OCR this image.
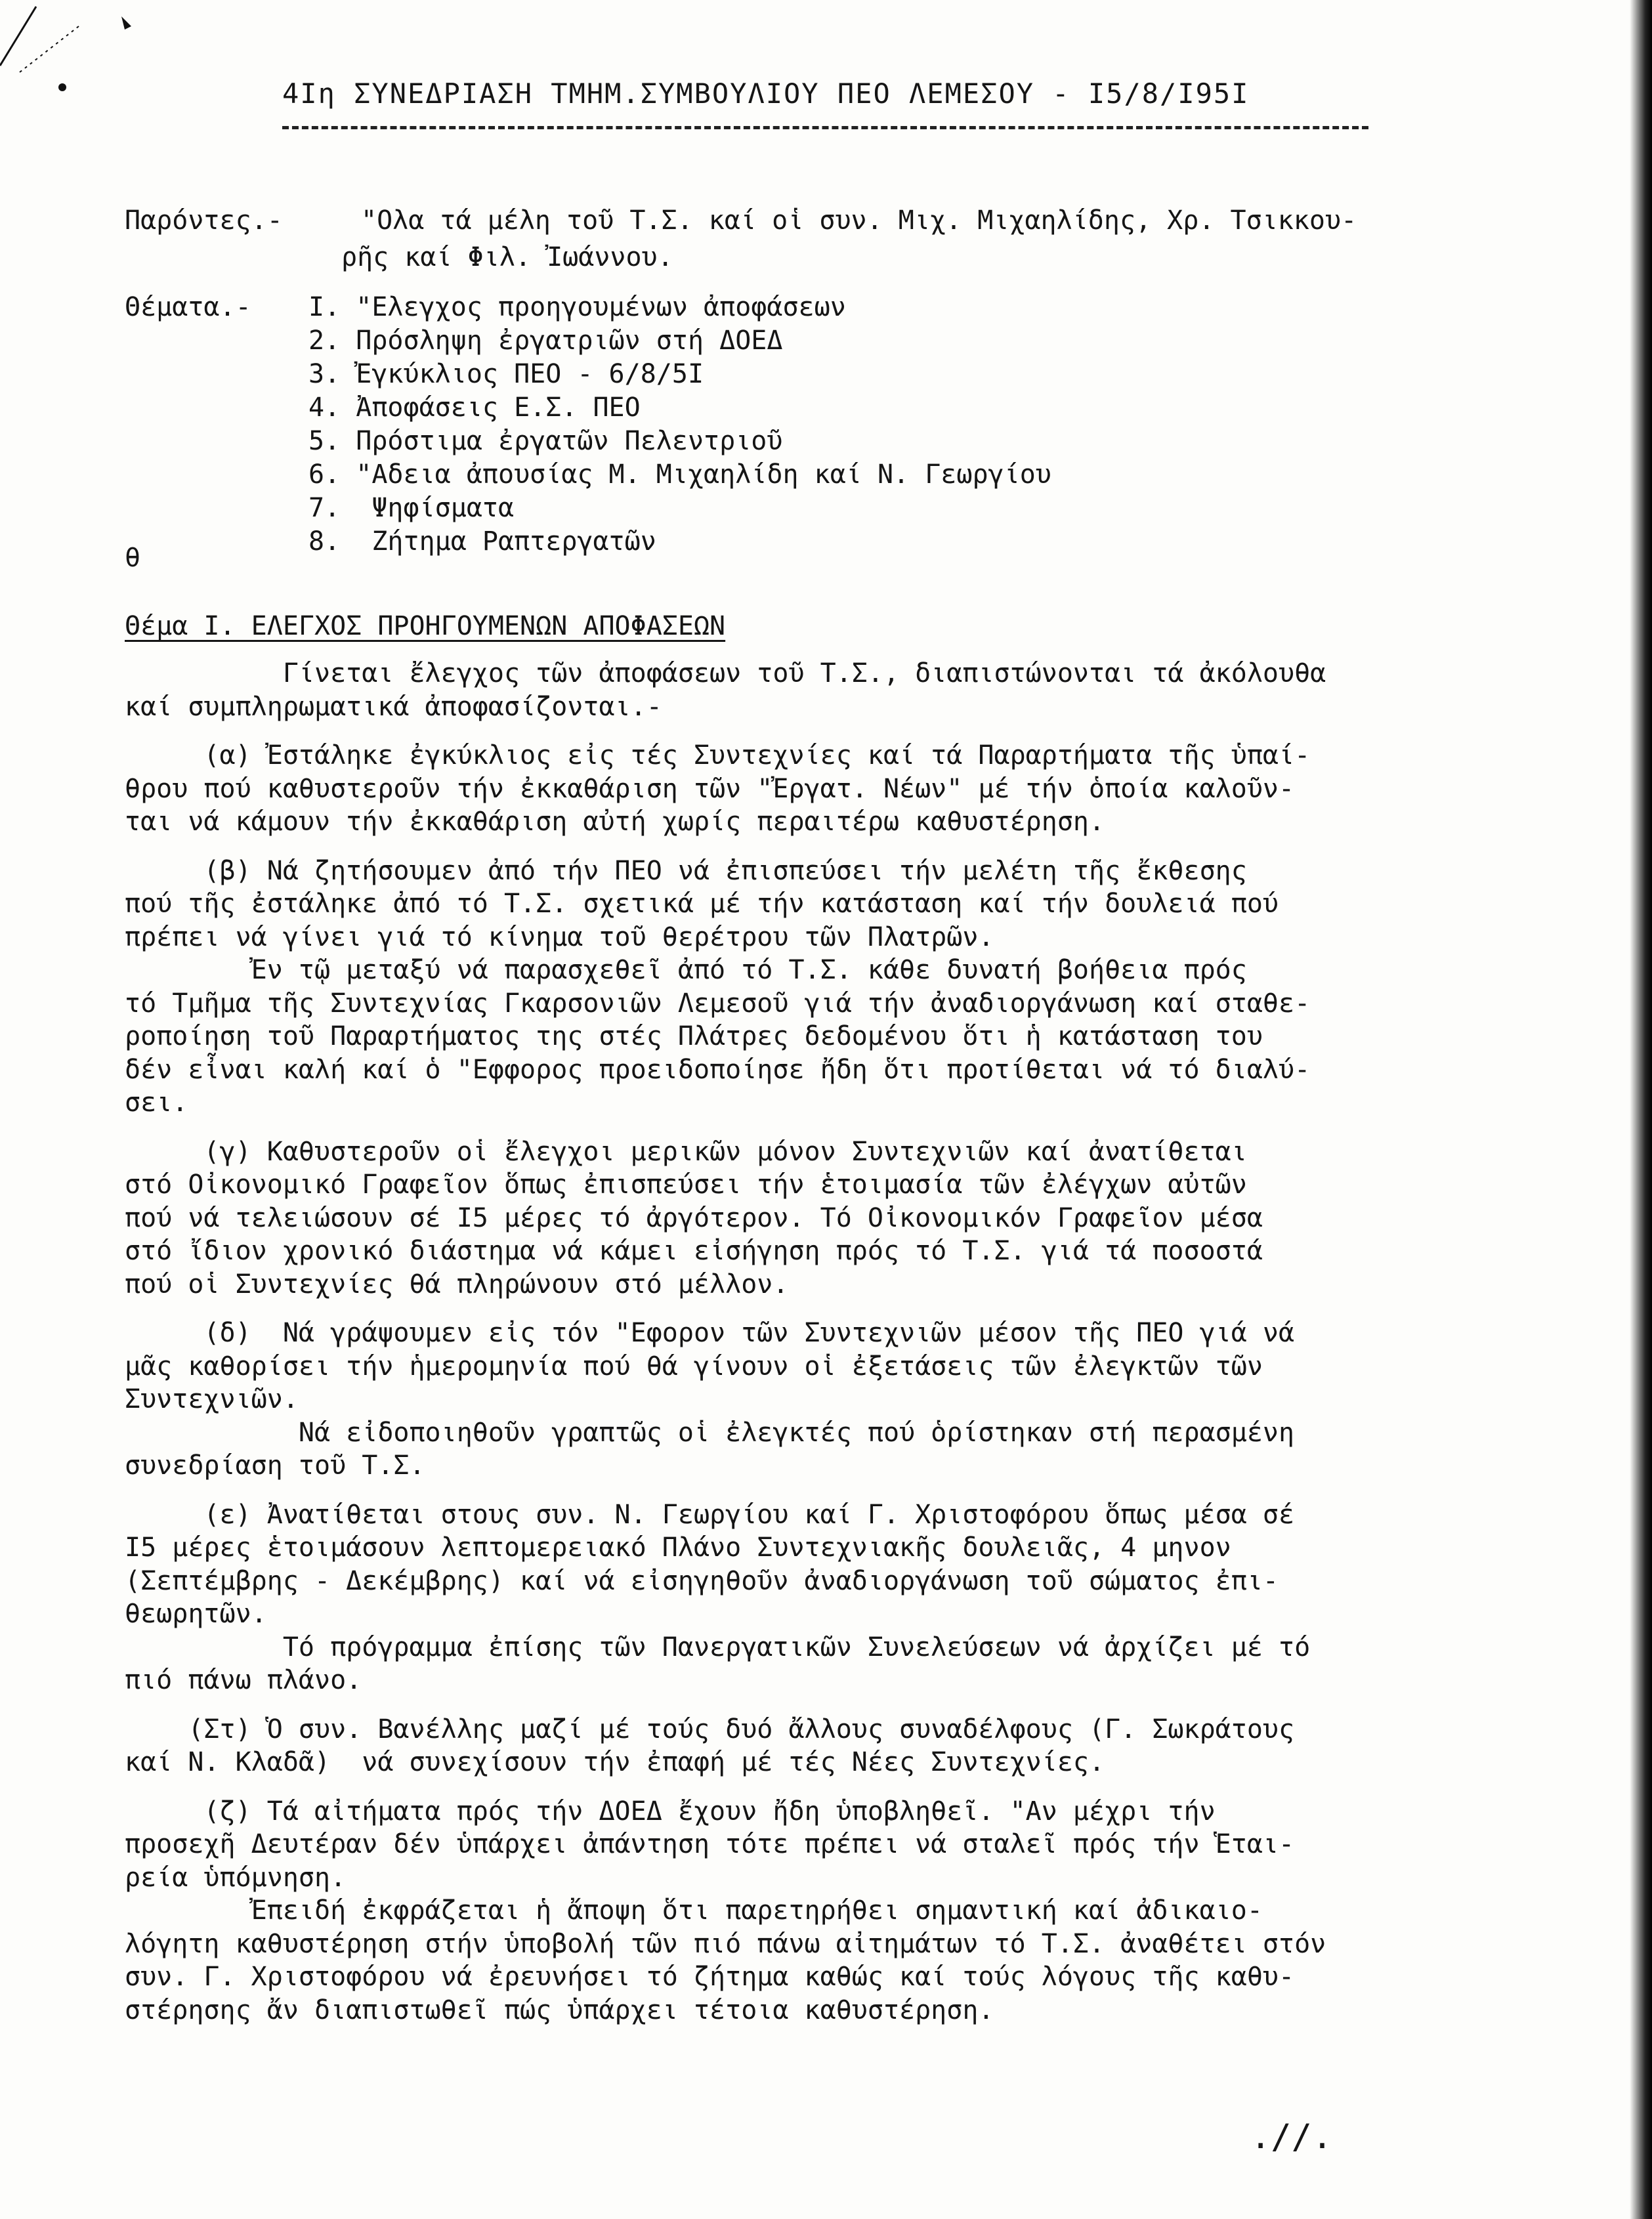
4Iη ΣΥΝΕΔΡΙΑΣΗ ΤΜΗΜ.ΣΥΜΒΟΥΛΙΟΥ ΠΕΟ ΛΕΜΕΣΟΥ - I5/8/I95I
Παρόντες.-	"Ολα τά μέλη τοῦ Τ.Σ. καί οἱ συν. Μιχ. Μιχαηλίδης, Χρ. Τσικκου-
ρῆς καί Φιλ. Ἰωάννου.
Θέματα.- I. "Ελεγχος προηγουμένων ἀποφάσεων
2. Πρόσληψη ἐργατριῶν στή ΔΟΕΔ
3. Ἐγκύκλιος ΠΕΟ - 6/8/5I
4. Ἀποφάσεις Ε.Σ. ΠΕΟ
5. Πρόστιμα ἐργατῶν Πελεντριοῦ
6. "Αδεια ἀπουσίας Μ. Μιχαηλίδη καί Ν. Γεωργίου
7.  Ψηφίσματα
8.  Ζήτημα Ραπτεργατῶν
θ
Θέμα I. ΕΛΕΓΧΟΣ ΠΡΟΗΓΟΥΜΕΝΩΝ ΑΠΟΦΑΣΕΩΝ
Γίνεται ἔλεγχος τῶν ἀποφάσεων τοῦ Τ.Σ., διαπιστώνονται τά ἀκόλουθα
καί συμπληρωματικά ἀποφασίζονται.-
(α) Ἐστάληκε ἐγκύκλιος εἰς τές Συντεχνίες καί τά Παραρτήματα τῆς ὑπαί-
θρου πού καθυστεροῦν τήν ἐκκαθάριση τῶν "Ἐργατ. Νέων" μέ τήν ὁποία καλοῦν-
ται νά κάμουν τήν ἐκκαθάριση αὐτή χωρίς περαιτέρω καθυστέρηση.
(β) Νά ζητήσουμεν ἀπό τήν ΠΕΟ νά ἐπισπεύσει τήν μελέτη τῆς ἔκθεσης
πού τῆς ἐστάληκε ἀπό τό Τ.Σ. σχετικά μέ τήν κατάσταση καί τήν δουλειά πού
πρέπει νά γίνει γιά τό κίνημα τοῦ θερέτρου τῶν Πλατρῶν.
Ἐν τῷ μεταξύ νά παρασχεθεῖ ἀπό τό Τ.Σ. κάθε δυνατή βοήθεια πρός
τό Τμῆμα τῆς Συντεχνίας Γκαρσονιῶν Λεμεσοῦ γιά τήν ἀναδιοργάνωση καί σταθε-
ροποίηση τοῦ Παραρτήματος της στές Πλάτρες δεδομένου ὅτι ἡ κατάσταση του
δέν εἶναι καλή καί ὁ "Εφφορος προειδοποίησε ἤδη ὅτι προτίθεται νά τό διαλύ-
σει.
(γ) Καθυστεροῦν οἱ ἔλεγχοι μερικῶν μόνον Συντεχνιῶν καί ἀνατίθεται
στό Οἰκονομικό Γραφεῖον ὅπως ἐπισπεύσει τήν ἑτοιμασία τῶν ἐλέγχων αὐτῶν
πού νά τελειώσουν σέ I5 μέρες τό ἀργότερον. Τό Οἰκονομικόν Γραφεῖον μέσα
στό ἴδιον χρονικό διάστημα νά κάμει εἰσήγηση πρός τό Τ.Σ. γιά τά ποσοστά
πού οἱ Συντεχνίες θά πληρώνουν στό μέλλον.
(δ)  Νά γράψουμεν εἰς τόν "Εφορον τῶν Συντεχνιῶν μέσον τῆς ΠΕΟ γιά νά
μᾶς καθορίσει τήν ἡμερομηνία πού θά γίνουν οἱ ἐξετάσεις τῶν ἐλεγκτῶν τῶν
Συντεχνιῶν.
Νά εἰδοποιηθοῦν γραπτῶς οἱ ἐλεγκτές πού ὁρίστηκαν στή περασμένη
συνεδρίαση τοῦ Τ.Σ.
(ε) Ἀνατίθεται στους συν. Ν. Γεωργίου καί Γ. Χριστοφόρου ὅπως μέσα σέ
I5 μέρες ἑτοιμάσουν λεπτομερειακό Πλάνο Συντεχνιακῆς δουλειᾶς, 4 μηνον
(Σεπτέμβρης - Δεκέμβρης) καί νά εἰσηγηθοῦν ἀναδιοργάνωση τοῦ σώματος ἐπι-
θεωρητῶν.
Τό πρόγραμμα ἐπίσης τῶν Πανεργατικῶν Συνελεύσεων νά ἀρχίζει μέ τό
πιό πάνω πλάνο.
(Στ) Ὁ συν. Βανέλλης μαζί μέ τούς δυό ἄλλους συναδέλφους (Γ. Σωκράτους
καί Ν. Κλαδᾶ)  νά συνεχίσουν τήν ἐπαφή μέ τές Νέες Συντεχνίες.
(ζ) Τά αἰτήματα πρός τήν ΔΟΕΔ ἔχουν ἤδη ὑποβληθεῖ. "Αν μέχρι τήν
προσεχῆ Δευτέραν δέν ὑπάρχει ἀπάντηση τότε πρέπει νά σταλεῖ πρός τήν Ἑται-
ρεία ὑπόμνηση.
Ἐπειδή ἐκφράζεται ἡ ἄποψη ὅτι παρετηρήθει σημαντική καί ἀδικαιο-
λόγητη καθυστέρηση στήν ὑποβολή τῶν πιό πάνω αἰτημάτων τό Τ.Σ. ἀναθέτει στόν
συν. Γ. Χριστοφόρου νά ἐρευνήσει τό ζήτημα καθώς καί τούς λόγους τῆς καθυ-
στέρησης ἄν διαπιστωθεῖ πώς ὑπάρχει τέτοια καθυστέρηση.
.//.
